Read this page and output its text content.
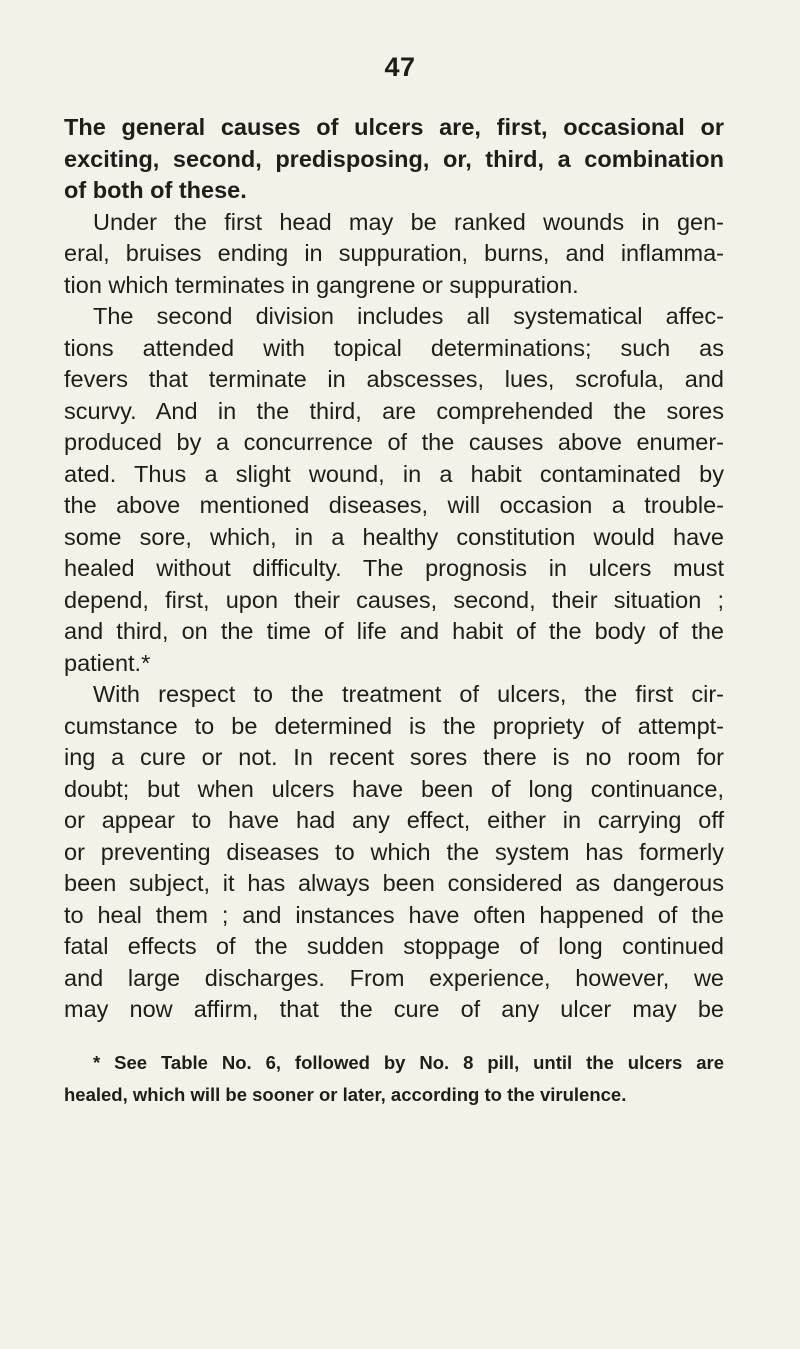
47
The general causes of ulcers are, first, occasional or
exciting, second, predisposing, or, third, a combination
of both of these.
Under the first head may be ranked wounds in gen-
eral, bruises ending in suppuration, burns, and inflamma-
tion which terminates in gangrene or suppuration.
The second division includes all systematical affec-
tions attended with topical determinations; such as
fevers that terminate in abscesses, lues, scrofula, and
scurvy. And in the third, are comprehended the sores
produced by a concurrence of the causes above enumer-
ated. Thus a slight wound, in a habit contaminated by
the above mentioned diseases, will occasion a trouble-
some sore, which, in a healthy constitution would have
healed without difficulty. The prognosis in ulcers must
depend, first, upon their causes, second, their situation ;
and third, on the time of life and habit of the body of the
patient.*
With respect to the treatment of ulcers, the first cir-
cumstance to be determined is the propriety of attempt-
ing a cure or not. In recent sores there is no room for
doubt; but when ulcers have been of long continuance,
or appear to have had any effect, either in carrying off
or preventing diseases to which the system has formerly
been subject, it has always been considered as dangerous
to heal them ; and instances have often happened of the
fatal effects of the sudden stoppage of long continued
and large discharges. From experience, however, we
may now affirm, that the cure of any ulcer may be
* See Table No. 6, followed by No. 8 pill, until the ulcers are
healed, which will be sooner or later, according to the virulence.
